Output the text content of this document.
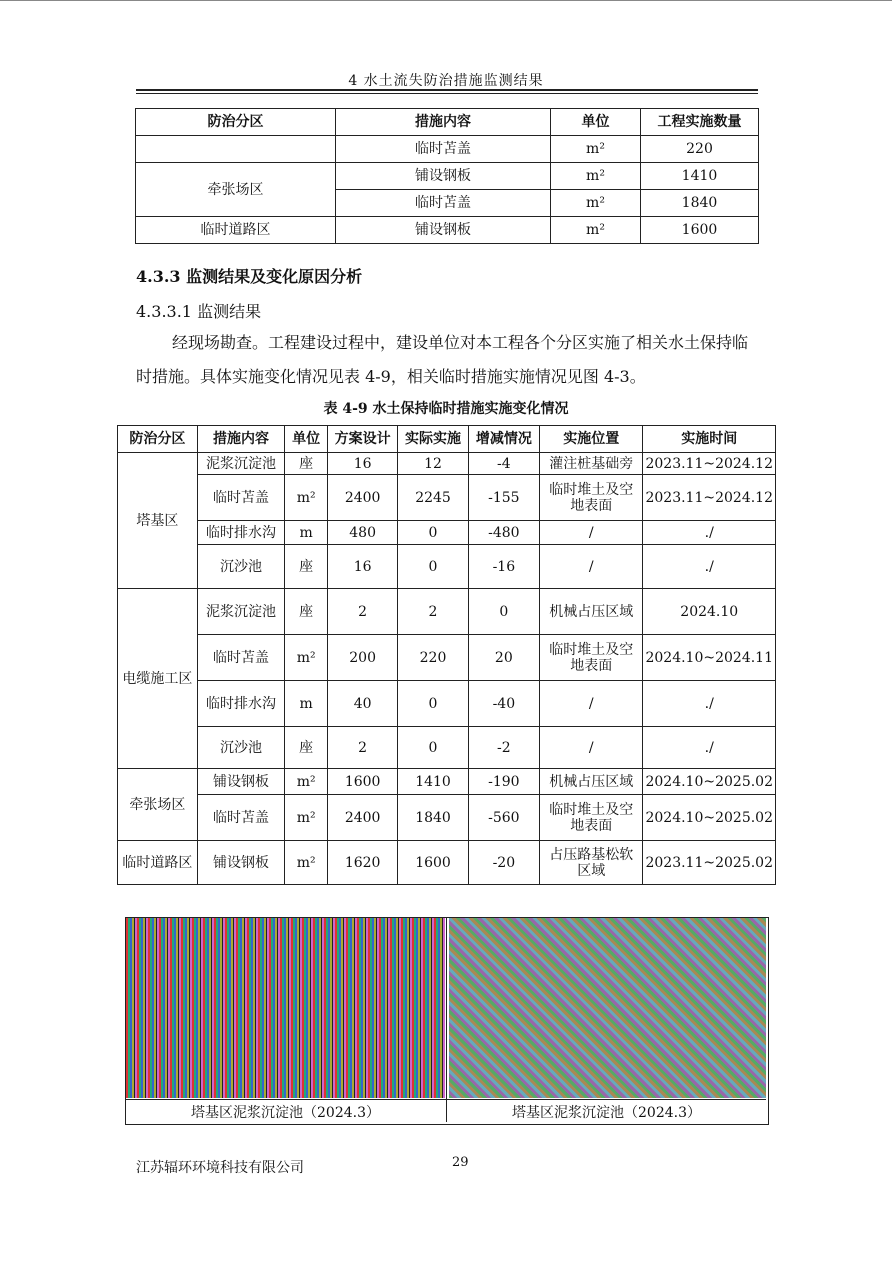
4 水土流失防治措施监测结果
防治分区	措施内容	单位	工程实施数量
	临时苫盖	m²	220
牵张场区	铺设钢板	m²	1410
	临时苫盖	m²	1840
临时道路区	铺设钢板	m²	1600
4.3.3 监测结果及变化原因分析
4.3.3.1 监测结果
经现场勘查。工程建设过程中，建设单位对本工程各个分区实施了相关水土保持临时措施。具体实施变化情况见表 4-9，相关临时措施实施情况见图 4-3。
表 4-9 水土保持临时措施实施变化情况
防治分区	措施内容	单位	方案设计	实际实施	增减情况	实施位置	实施时间
塔基区	泥浆沉淀池	座	16	12	-4	灌注桩基础旁	2023.11~2024.12
	临时苫盖	m²	2400	2245	-155	临时堆土及空地表面	2023.11~2024.12
	临时排水沟	m	480	0	-480	/	./
	沉沙池	座	16	0	-16	/	./
电缆施工区	泥浆沉淀池	座	2	2	0	机械占压区域	2024.10
	临时苫盖	m²	200	220	20	临时堆土及空地表面	2024.10~2024.11
	临时排水沟	m	40	0	-40	/	./
	沉沙池	座	2	0	-2	/	./
牵张场区	铺设钢板	m²	1600	1410	-190	机械占压区域	2024.10~2025.02
	临时苫盖	m²	2400	1840	-560	临时堆土及空地表面	2024.10~2025.02
临时道路区	铺设钢板	m²	1620	1600	-20	占压路基松软区域	2023.11~2025.02
塔基区泥浆沉淀池（2024.3）	塔基区泥浆沉淀池（2024.3）
江苏辐环环境科技有限公司	29
